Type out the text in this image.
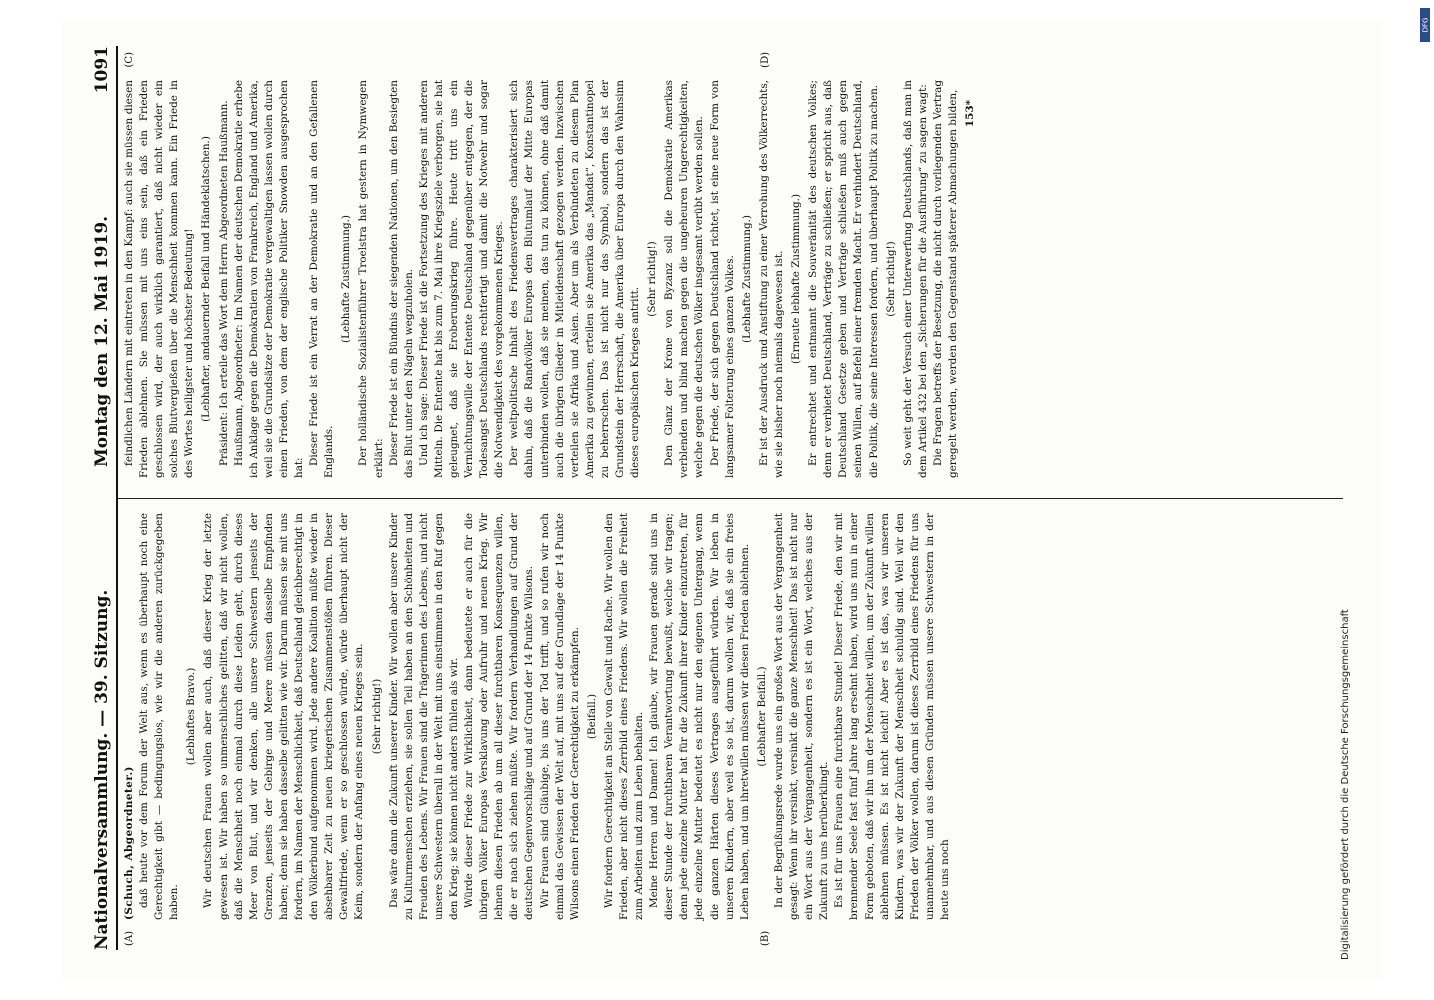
Nationalversammlung. — 39. Sitzung.
Montag den 12. Mai 1919.
1091
(A)	(B)

(Schuch, Abgeordneter.) daß heute vor dem Forum der Welt aus, wenn es überhaupt noch eine Gerechtigkeit gibt — bedingungslos, wie wir die anderen zurückgegeben haben.

(Lebhaftes Bravo.) Wir deutschen Frauen wollen aber auch, daß dieser Krieg der letzte gewesen ist. Wir haben so unmenschliches gelitten, daß wir nicht wollen, daß die Menschheit noch einmal durch diese Leiden geht, durch dieses Meer von Blut, und wir denken, alle unsere Schwestern jenseits der Grenzen, jenseits der Gebirge und Meere müssen dasselbe Empfinden haben; denn sie haben dasselbe gelitten wie wir. Darum müssen sie mit uns fordern, im Namen der Menschlichkeit, daß Deutschland gleichberechtigt in den Völkerbund aufgenommen wird. Jede andere Koalition müßte wieder in absehbarer Zeit zu neuen kriegerischen Zusammenstößen führen. Dieser Gewaltfriede, wenn er so geschlossen würde, würde überhaupt nicht der Keim, sondern der Anfang eines neuen Krieges sein. (Sehr richtig!) Das wäre dann die Zukunft unserer Kinder. Wir wollen aber unsere Kinder zu Kulturmenschen erziehen, sie sollen Teil haben an den Schönheiten und Freuden des Lebens. Wir Frauen sind die Trägerinnen des Lebens, und nicht unsere Schwestern überall in der Welt mit uns einstimmen in den Ruf gegen den Krieg; sie können nicht anders fühlen als wir. Würde dieser Friede zur Wirklichkeit, dann bedeutete er auch für die übrigen Völker Europas Versklavung oder Aufruhr und neuen Krieg. Wir lehnen diesen Frieden ab um all dieser furchtbaren Konsequenzen willen, die er nach sich ziehen müßte. Wir fordern Verhandlungen auf Grund der deutschen Gegenvorschläge und auf Grund der 14 Punkte Wilsons. Wir Frauen sind Gläubige, bis uns der Tod trifft, und so rufen wir noch einmal das Gewissen der Welt auf, mit uns auf der Grundlage der 14 Punkte Wilsons einen Frieden der Gerechtigkeit zu erkämpfen. (Beifall.) Wir fordern Gerechtigkeit an Stelle von Gewalt und Rache. Wir wollen den Frieden, aber nicht dieses Zerrbild eines Friedens. Wir wollen die Freiheit zum Arbeiten und zum Leben behalten. Meine Herren und Damen! Ich glaube, wir Frauen gerade sind uns in dieser Stunde der furchtbaren Verantwortung bewußt, welche wir tragen; denn jede einzelne Mutter hat für die Zukunft ihrer Kinder einzutreten, für jede einzelne Mutter bedeutet es nicht nur den eigenen Untergang, wenn die ganzen Härten dieses Vertrages ausgeführt würden. Wir leben in unseren Kindern, aber weil es so ist, darum wollen wir, daß sie ein freies Leben haben, und um ihretwillen müssen wir diesen Frieden ablehnen. (Lebhafter Beifall.) In der Begrüßungsrede wurde uns ein großes Wort aus der Vergangenheit gesagt: Wenn ihr versinkt, versinkt die ganze Menschheit! Das ist nicht nur ein Wort aus der Vergangenheit, sondern es ist ein Wort, welches aus der Zukunft zu uns herüberklingt. Es ist für uns Frauen eine furchtbare Stunde! Dieser Friede, den wir mit brennender Seele fast fünf Jahre lang ersehnt haben, wird uns nun in einer Form geboten, daß wir ihn um der Menschheit willen, um der Zukunft willen ablehnen müssen. Es ist nicht leicht! Aber es ist das, was wir unseren Kindern, was wir der Zukunft der Menschheit schuldig sind. Weil wir den Frieden der Völker wollen, darum ist dieses Zerrbild eines Friedens für uns unannehmbar, und aus diesen Gründen müssen unsere Schwestern in der heute uns noch

(C)	(D)

feindlichen Ländern mit eintreten in den Kampf: auch sie müssen diesen Frieden ablehnen. Sie müssen mit uns eins sein, daß ein Frieden geschlossen wird, der auch wirklich garantiert, daß nicht wieder ein solches Blutvergießen über die Menschheit kommen kann. Ein Friede in des Wortes heiligster und höchster Bedeutung! (Lebhafter, andauernder Beifall und Händeklatschen.) Präsident: Ich erteile das Wort dem Herrn Abgeordneten Haußmann. Haußmann, Abgeordneter: Im Namen der deutschen Demokratie erhebe ich Anklage gegen die Demokratien von Frankreich, England und Amerika, weil sie die Grundsätze der Demokratie vergewaltigen lassen wollen durch einen Frieden, von dem der englische Politiker Snowden ausgesprochen hat:

Dieser Friede ist ein Verrat an der Demokratie und an den Gefallenen Englands.

(Lebhafte Zustimmung.) Der holländische Sozialistenführer Troelstra hat gestern in Nymwegen erklärt: Dieser Friede ist ein Bündnis der siegenden Nationen, um den Besiegten das Blut unter den Nägeln wegzuholen. Und ich sage: Dieser Friede ist die Fortsetzung des Krieges mit anderen Mitteln. Die Entente hat bis zum 7. Mai ihre Kriegsziele verborgen, sie hat geleugnet, daß sie Eroberungskrieg führe. Heute tritt uns ein Vernichtungswille der Entente Deutschland gegenüber entgegen, der die Todesangst Deutschlands rechtfertigt und damit die Notwehr und sogar die Notwendigkeit des vorgekommenen Krieges. Der weltpolitische Inhalt des Friedensvertrages charakterisiert sich dahin, daß die Randvölker Europas den Blutumlauf der Mitte Europas unterbinden wollen, daß sie meinen, das tun zu können, ohne daß damit auch die übrigen Glieder in Mitleidenschaft gezogen werden. Inzwischen verteilen sie Afrika und Asien. Aber um als Verbündeten zu diesem Plan Amerika zu gewinnen, erteilen sie Amerika das „Mandat“, Konstantinopel zu beherrschen. Das ist nicht nur das Symbol, sondern das ist der Grundstein der Herrschaft, die Amerika über Europa durch den Wahnsinn dieses europäischen Krieges antritt.

(Sehr richtig!) Den Glanz der Krone von Byzanz soll die Demokratie Amerikas verblenden und blind machen gegen die ungeheuren Ungerechtigkeiten, welche gegen die deutschen Völker insgesamt verübt werden sollen. Der Friede, der sich gegen Deutschland richtet, ist eine neue Form von langsamer Folterung eines ganzen Volkes. (Lebhafte Zustimmung.) Er ist der Ausdruck und Anstiftung zu einer Verrohung des Völkerrechts, wie sie bisher noch niemals dagewesen ist. (Erneute lebhafte Zustimmung.) Er entrechtet und entmannt die Souveränität des deutschen Volkes; denn er verbietet Deutschland, Verträge zu schließen; er spricht aus, daß Deutschland Gesetze geben und Verträge schließen muß auch gegen seinen Willen, auf Befehl einer fremden Macht. Er verhindert Deutschland, die Politik, die seine Interessen fordern, und überhaupt Politik zu machen. (Sehr richtig!) So weit geht der Versuch einer Unterwerfung Deutschlands, daß man in dem Artikel 432 bei den „Sicherungen für die Ausführung“ zu sagen wagt: Die Fragen betreffs der Besetzung, die nicht durch vorliegenden Vertrag geregelt werden, werden den Gegenstand späterer Abmachungen bilden, 153*
Digitalisierung gefördert durch die Deutsche Forschungsgemeinschaft
DFG
